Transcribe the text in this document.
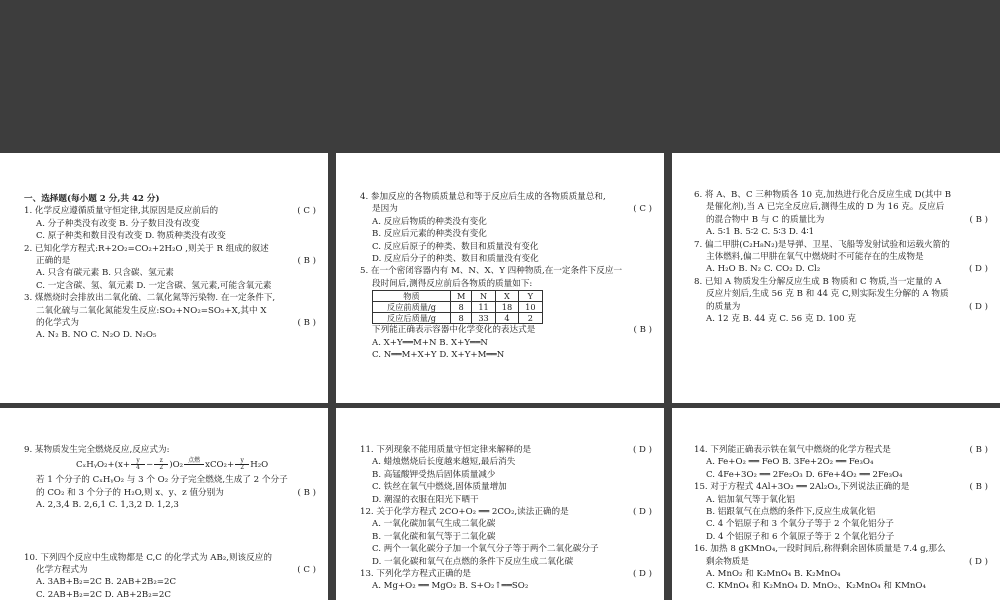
一、选择题(每小题 2 分,共 42 分)
1. 化学反应遵循质量守恒定律,其原因是反应前后的	( C )
A. 分子种类没有改变 B. 分子数目没有改变
C. 原子种类和数目没有改变 D. 物质种类没有改变
2. 已知化学方程式:R+2O₂=CO₂+2H₂O ,则关于 R 组成的叙述
正确的是	( B )
A. 只含有碳元素 B. 只含碳、氢元素
C. 一定含碳、氢、氧元素 D. 一定含碳、氢元素,可能含氧元素
3. 煤燃烧时会排放出二氧化硫、二氧化氮等污染物. 在一定条件下,
二氧化硫与二氧化氮能发生反应:SO₂+NO₂=SO₃+X,其中 X
的化学式为	( B )
A. N₂ B. NO C. N₂O D. N₂O₅
4. 参加反应的各物质质量总和等于反应后生成的各物质质量总和,
是因为	( C )
A. 反应后物质的种类没有变化
B. 反应后元素的种类没有变化
C. 反应后原子的种类、数目和质量没有变化
D. 反应后分子的种类、数目和质量没有变化
5. 在一个密闭容器内有 M、N、X、Y 四种物质,在一定条件下反应一
段时间后,测得反应前后各物质的质量如下:
物质	M	N	X	Y
反应前质量/g	8	11	18	10
反应后质量/g	8	33	4	2
下列能正确表示容器中化学变化的表达式是	( B )
A. X+Y══M+N B. X+Y══N
C. N══M+X+Y D. X+Y+M══N
6. 将 A、B、C 三种物质各 10 克,加热进行化合反应生成 D(其中 B
是催化剂),当 A 已完全反应后,测得生成的 D 为 16 克。反应后
的混合物中 B 与 C 的质量比为	( B )
A. 5∶1 B. 5∶2 C. 5∶3 D. 4∶1
7. 偏二甲肼(C₂H₈N₂)是导弹、卫星、飞船等发射试验和运载火箭的
主体燃料,偏二甲肼在氧气中燃烧时不可能存在的生成物是
( D )
A. H₂O B. N₂ C. CO₂ D. Cl₂
8. 已知 A 物质发生分解反应生成 B 物质和 C 物质,当一定量的 A
反应片刻后,生成 56 克 B 和 44 克 C,则实际发生分解的 A 物质
的质量为	( D )
A. 12 克 B. 44 克 C. 56 克 D. 100 克
9. 某物质发生完全燃烧反应,反应式为:
CₓHᵧO₂+(x+ $\frac{y}{4} - \frac{z}{2} )O_2$ 点燃
$xCO_2+ \frac{y}{2} H_2O$
若 1 个分子的 CₓHᵧO₂ 与 3 个 O₂ 分子完全燃烧,生成了 2 个分子
的 CO₂ 和 3 个分子的 H₂O,则 x、y、z 值分别为	( B )
A. 2,3,4 B. 2,6,1 C. 1,3,2 D. 1,2,3
10. 下列四个反应中生成物都是 C,C 的化学式为 AB₂,则该反应的
化学方程式为	( C )
A. 3AB+B₂=2C B. 2AB+2B₂=2C
C. 2AB+B₂=2C D. AB+2B₂=2C
11. 下列现象不能用质量守恒定律来解释的是	( D )
A. 蜡烛燃烧后长度越来越短,最后消失
B. 高锰酸钾受热后固体质量减少
C. 铁丝在氧气中燃烧,固体质量增加
D. 潮湿的衣服在阳光下晒干
12. 关于化学方程式 2CO+O₂ ══ 2CO₂,读法正确的是	( D )
A. 一氧化碳加氧气生成二氧化碳
B. 一氧化碳和氧气等于二氧化碳
C. 两个一氧化碳分子加一个氧气分子等于两个二氧化碳分子
D. 一氧化碳和氧气在点燃的条件下反应生成二氧化碳
13. 下列化学方程式正确的是	( D )
A. Mg+O₂ ══ MgO₂ B. S+O₂↑══SO₂
14. 下列能正确表示铁在氧气中燃烧的化学方程式是	( B )
A. Fe+O₂ ══ FeO B. 3Fe+2O₂ ══ Fe₃O₄
C. 4Fe+3O₂ ══ 2Fe₂O₃ D. 6Fe+4O₂ ══ 2Fe₃O₄
15. 对于方程式 4Al+3O₂ ══ 2Al₂O₃,下列说法正确的是	( B )
A. 铝加氧气等于氧化铝
B. 铝跟氧气在点燃的条件下,反应生成氧化铝
C. 4 个铝原子和 3 个氧分子等于 2 个氧化铝分子
D. 4 个铝原子和 6 个氧原子等于 2 个氧化铝分子
16. 加热 8 gKMnO₄,一段时间后,称得剩余固体质量是 7.4 g,那么
剩余物质是	( D )
A. MnO₂ 和 K₂MnO₄ B. K₂MnO₄
C. KMnO₄ 和 K₂MnO₄ D. MnO₂、K₂MnO₄ 和 KMnO₄
